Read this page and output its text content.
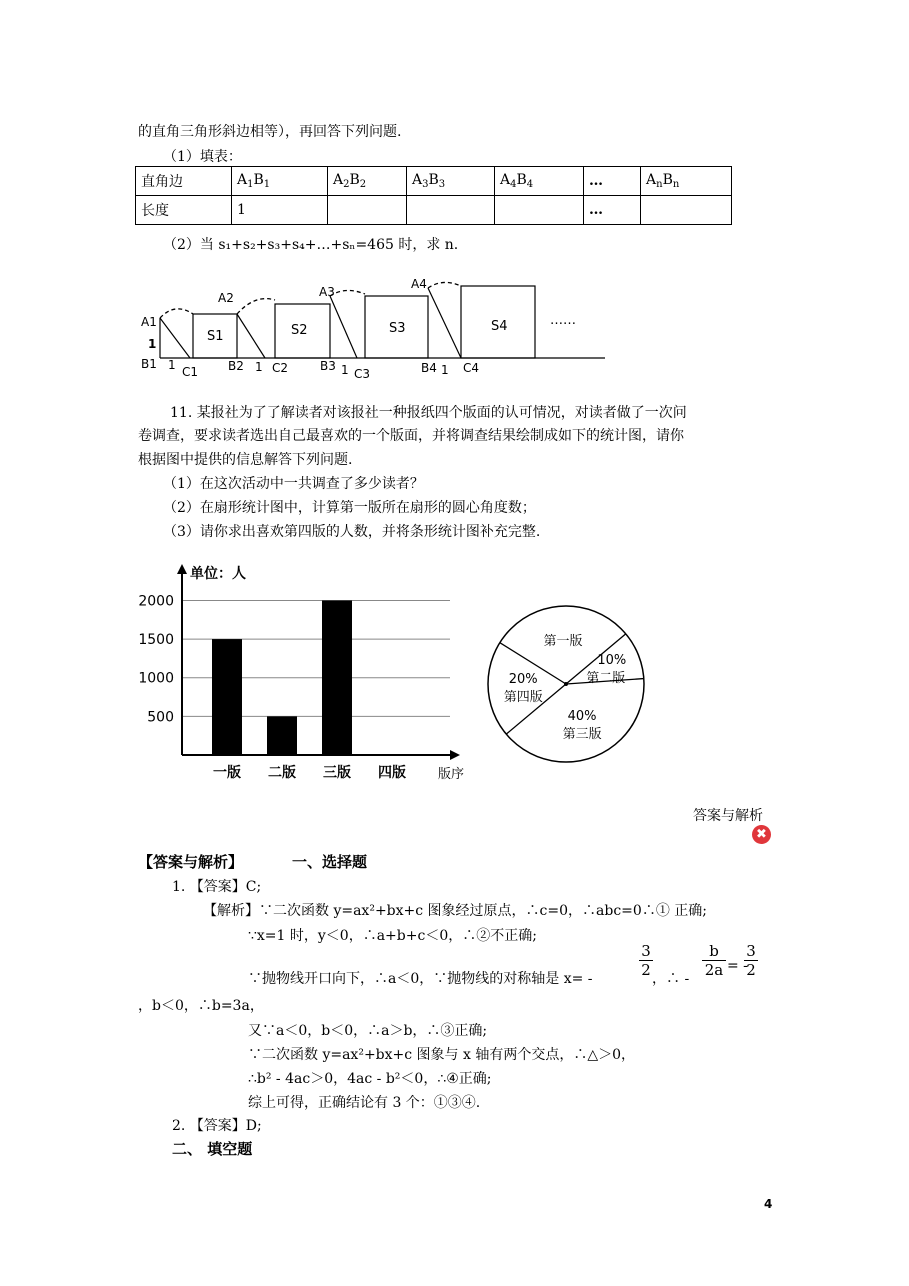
的直角三角形斜边相等），再回答下列问题.
（1）填表：
直角边	$A_1B_1$	$A_2B_2$	$A_3B_3$	$A_4B_4$	…	$A_nB_n$
长度	1				…	
（2）当 s₁+s₂+s₃+s₄+…+sₙ=465 时，求 n.
A1
A2	A3
A4
B1	B2	B3	B4
C1	C2	C3	C4
S1	S2	S3	S4
1
1	1	1	1
……
11. 某报社为了了解读者对该报社一种报纸四个版面的认可情况，对读者做了一次问
卷调查，要求读者选出自己最喜欢的一个版面，并将调查结果绘制成如下的统计图，请你
根据图中提供的信息解答下列问题.
（1）在这次活动中一共调查了多少读者？
（2）在扇形统计图中，计算第一版所在扇形的圆心角度数；
（3）请你求出喜欢第四版的人数，并将条形统计图补充完整.
单位：人
版序
500
1000
1500
2000
一版 二版 三版 四版
第一版
第二版
10%
第三版
40%
第四版
20%
答案与解析
✖
【答案与解析】	一、选择题
1. 【答案】C;
【解析】∵二次函数 y=ax²+bx+c 图象经过原点，∴c=0，∴abc=0∴① 正确;
∵x=1 时，y＜0，∴a+b+c＜0，∴②不正确;
∵抛物线开口向下，∴a＜0，∵抛物线的对称轴是 x= -	$\frac{3}{2}$ ，∴ - $\frac{b}{2a}$ = -
$\frac{3}{2}$
，b＜0，∴b=3a，
又∵a＜0，b＜0，∴a＞b，∴③正确;
∵二次函数 y=ax²+bx+c 图象与 x 轴有两个交点，∴△＞0，
∴b² - 4ac＞0，4ac - b²＜0，∴④正确;
综上可得，正确结论有 3 个：①③④.
2. 【答案】D;
二、 填空题
4
